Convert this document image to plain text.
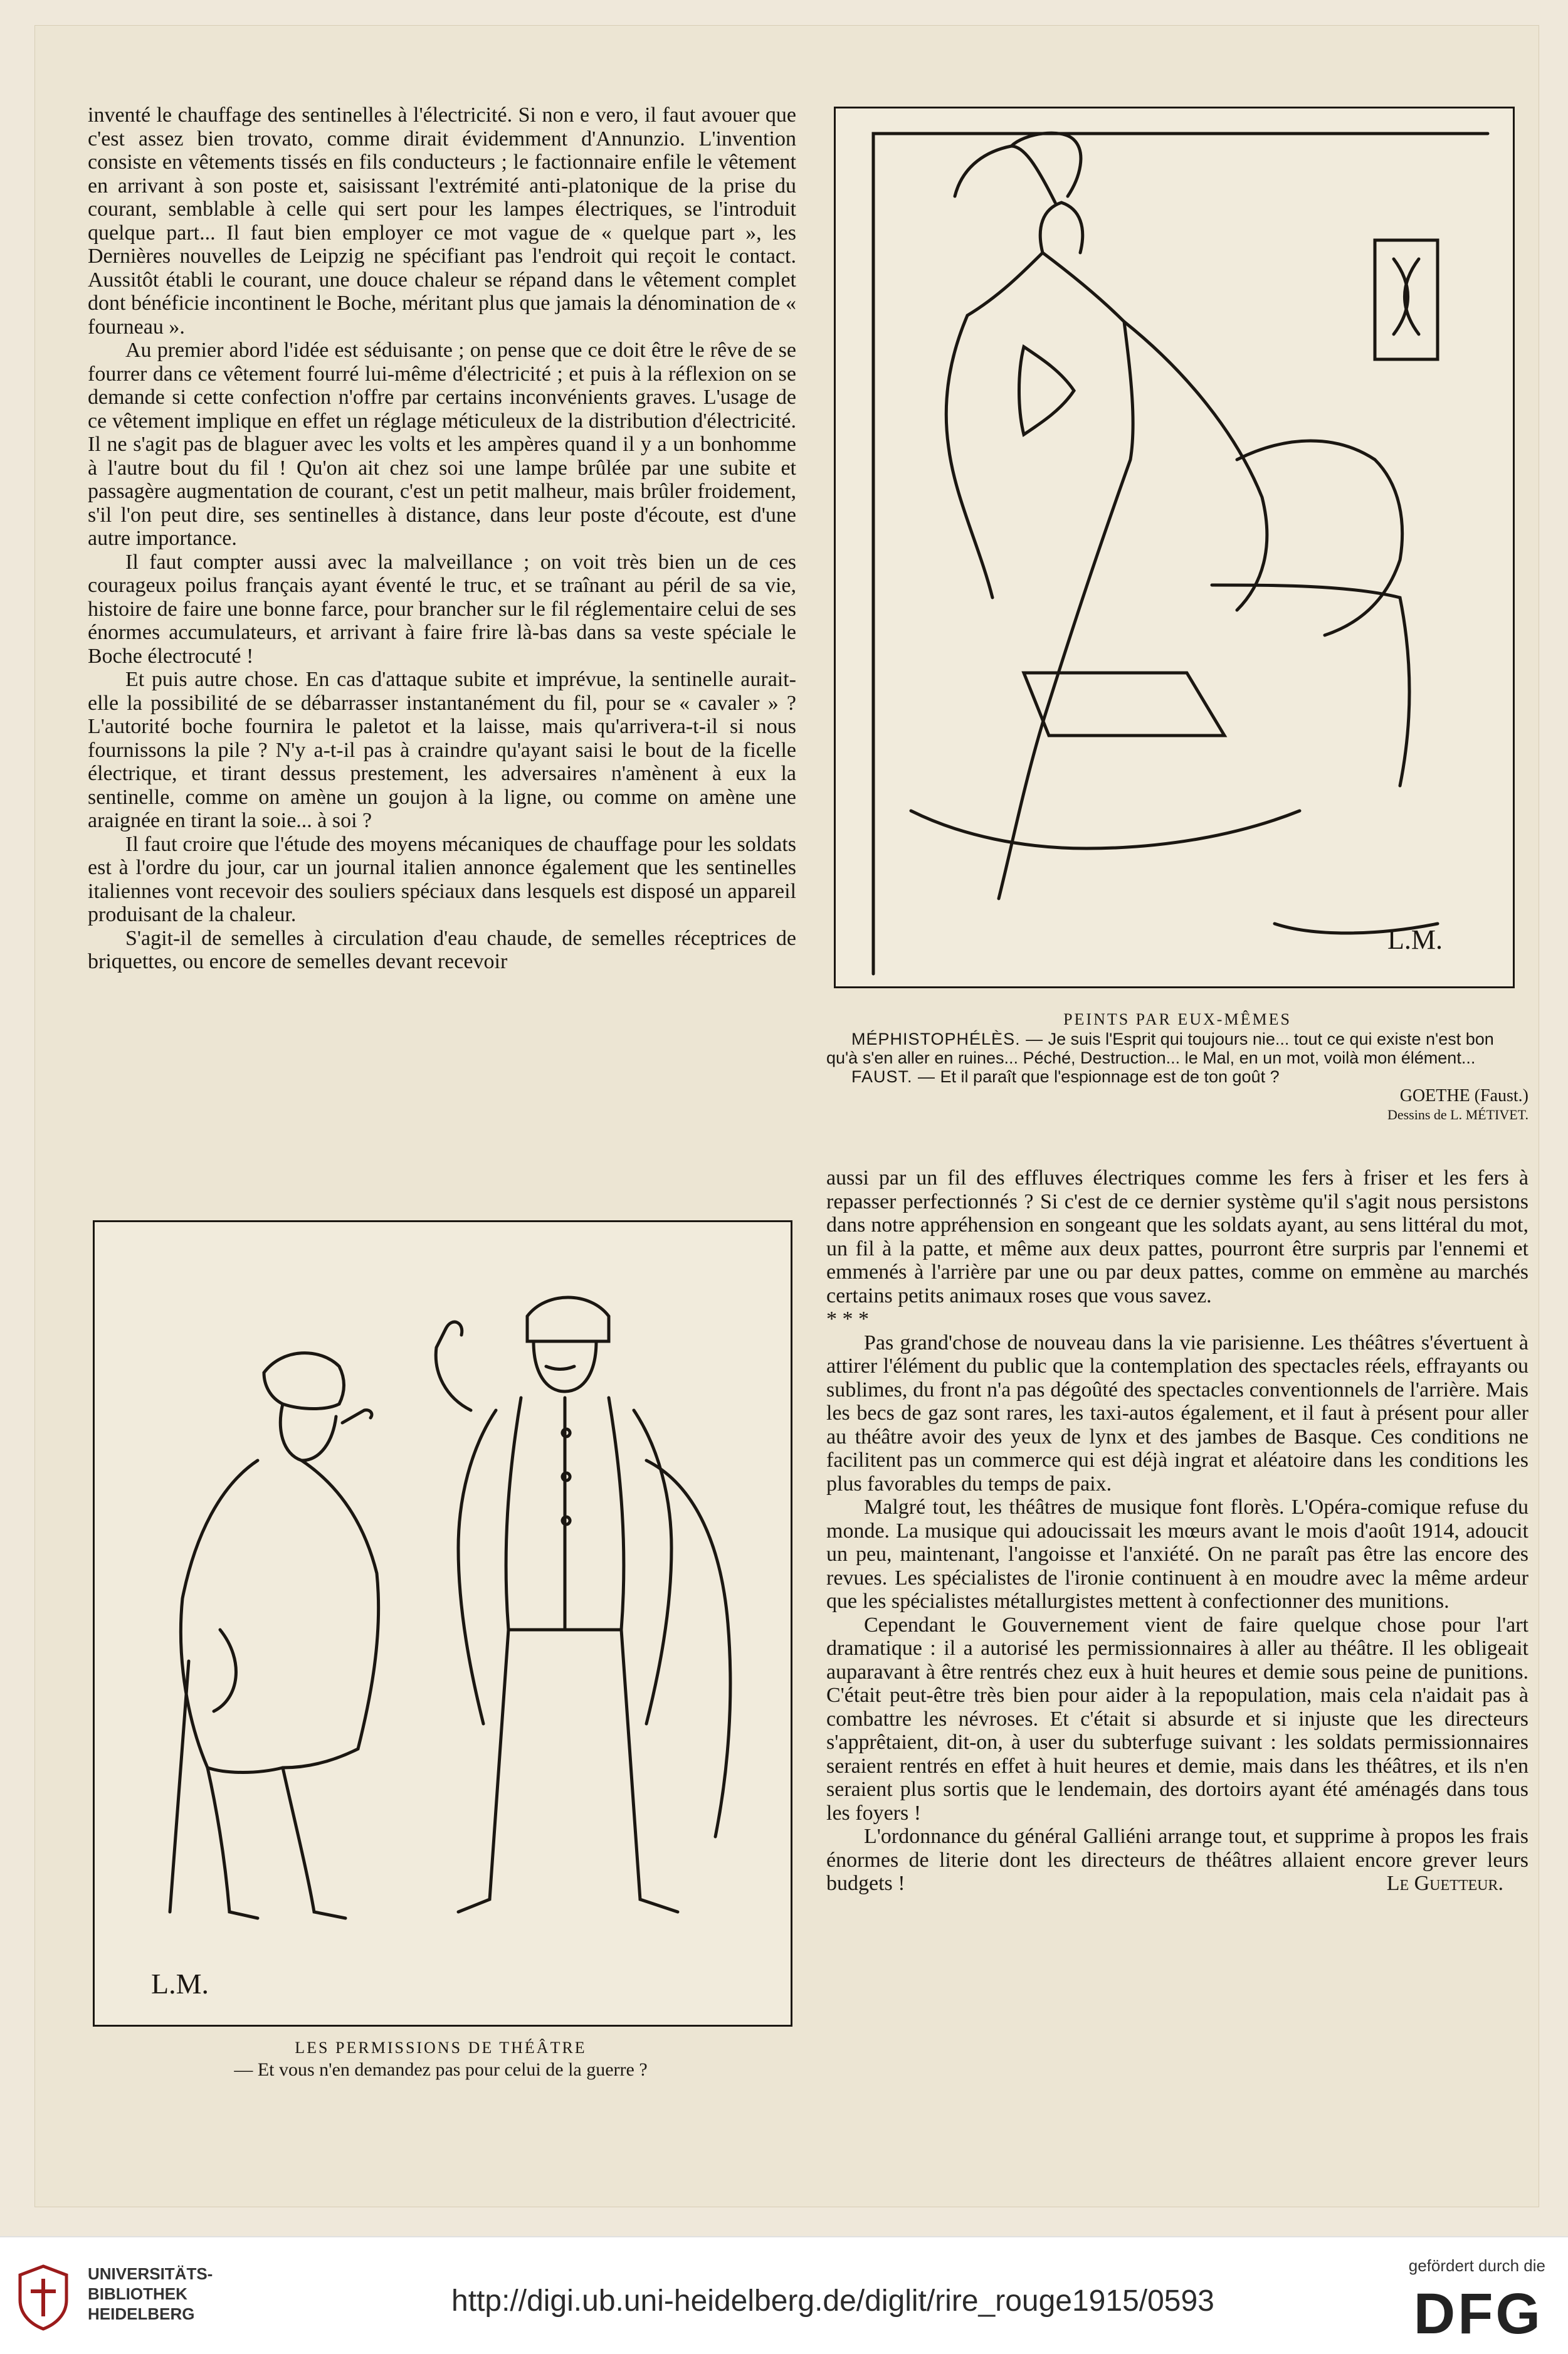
inventé le chauffage des sentinelles à l'électricité. Si non e vero, il faut avouer que c'est assez bien trovato, comme dirait évidemment d'Annunzio. L'invention consiste en vêtements tissés en fils conducteurs ; le factionnaire enfile le vêtement en arrivant à son poste et, saisissant l'extrémité anti-platonique de la prise du courant, semblable à celle qui sert pour les lampes électriques, se l'introduit quelque part... Il faut bien employer ce mot vague de « quelque part », les Dernières nouvelles de Leipzig ne spécifiant pas l'endroit qui reçoit le contact. Aussitôt établi le courant, une douce chaleur se répand dans le vêtement complet dont bénéficie incontinent le Boche, méritant plus que jamais la dénomination de « fourneau ».

Au premier abord l'idée est séduisante ; on pense que ce doit être le rêve de se fourrer dans ce vêtement fourré lui-même d'électricité ; et puis à la réflexion on se demande si cette confection n'offre par certains inconvénients graves. L'usage de ce vêtement implique en effet un réglage méticuleux de la distribution d'électricité. Il ne s'agit pas de blaguer avec les volts et les ampères quand il y a un bonhomme à l'autre bout du fil ! Qu'on ait chez soi une lampe brûlée par une subite et passagère augmentation de courant, c'est un petit malheur, mais brûler froidement, s'il l'on peut dire, ses sentinelles à distance, dans leur poste d'écoute, est d'une autre importance.

Il faut compter aussi avec la malveillance ; on voit très bien un de ces courageux poilus français ayant éventé le truc, et se traînant au péril de sa vie, histoire de faire une bonne farce, pour brancher sur le fil réglementaire celui de ses énormes accumulateurs, et arrivant à faire frire là-bas dans sa veste spéciale le Boche électrocuté !

Et puis autre chose. En cas d'attaque subite et imprévue, la sentinelle aurait-elle la possibilité de se débarrasser instantanément du fil, pour se « cavaler » ? L'autorité boche fournira le paletot et la laisse, mais qu'arrivera-t-il si nous fournissons la pile ? N'y a-t-il pas à craindre qu'ayant saisi le bout de la ficelle électrique, et tirant dessus prestement, les adversaires n'amènent à eux la sentinelle, comme on amène un goujon à la ligne, ou comme on amène une araignée en tirant la soie... à soi ?

Il faut croire que l'étude des moyens mécaniques de chauffage pour les soldats est à l'ordre du jour, car un journal italien annonce également que les sentinelles italiennes vont recevoir des souliers spéciaux dans lesquels est disposé un appareil produisant de la chaleur.

S'agit-il de semelles à circulation d'eau chaude, de semelles réceptrices de briquettes, ou encore de semelles devant recevoir

L.M.
PEINTS PAR EUX-MÊMES

MÉPHISTOPHÉLÈS. — Je suis l'Esprit qui toujours nie... tout ce qui existe n'est bon qu'à s'en aller en ruines... Péché, Destruction... le Mal, en un mot, voilà mon élément...

FAUST. — Et il paraît que l'espionnage est de ton goût ?

GOETHE (Faust.)

Dessins de L. MÉTIVET.

aussi par un fil des effluves électriques comme les fers à friser et les fers à repasser perfectionnés ? Si c'est de ce dernier système qu'il s'agit nous persistons dans notre appréhension en songeant que les soldats ayant, au sens littéral du mot, un fil à la patte, et même aux deux pattes, pourront être surpris par l'ennemi et emmenés à l'arrière par une ou par deux pattes, comme on emmène au marchés certains petits animaux roses que vous savez.

* * *

Pas grand'chose de nouveau dans la vie parisienne. Les théâtres s'évertuent à attirer l'élément du public que la contemplation des spectacles réels, effrayants ou sublimes, du front n'a pas dégoûté des spectacles conventionnels de l'arrière. Mais les becs de gaz sont rares, les taxi-autos également, et il faut à présent pour aller au théâtre avoir des yeux de lynx et des jambes de Basque. Ces conditions ne facilitent pas un commerce qui est déjà ingrat et aléatoire dans les conditions les plus favorables du temps de paix.

Malgré tout, les théâtres de musique font florès. L'Opéra-comique refuse du monde. La musique qui adoucissait les mœurs avant le mois d'août 1914, adoucit un peu, maintenant, l'angoisse et l'anxiété. On ne paraît pas être las encore des revues. Les spécialistes de l'ironie continuent à en moudre avec la même ardeur que les spécialistes métallurgistes mettent à confectionner des munitions.

Cependant le Gouvernement vient de faire quelque chose pour l'art dramatique : il a autorisé les permissionnaires à aller au théâtre. Il les obligeait auparavant à être rentrés chez eux à huit heures et demie sous peine de punitions. C'était peut-être très bien pour aider à la repopulation, mais cela n'aidait pas à combattre les névroses. Et c'était si absurde et si injuste que les directeurs s'apprêtaient, dit-on, à user du subterfuge suivant : les soldats permissionnaires seraient rentrés en effet à huit heures et demie, mais dans les théâtres, et ils n'en seraient plus sortis que le lendemain, des dortoirs ayant été aménagés dans tous les foyers !

L'ordonnance du général Galliéni arrange tout, et supprime à propos les frais énormes de literie dont les directeurs de théâtres allaient encore grever leurs budgets !	Le Guetteur.

L.M.
LES PERMISSIONS DE THÉÂTRE
— Et vous n'en demandez pas pour celui de la guerre ?
UNIVERSITÄTS-
BIBLIOTHEK
HEIDELBERG	http://digi.ub.uni-heidelberg.de/diglit/rire_rouge1915/0593
gefördert durch die
DFG
